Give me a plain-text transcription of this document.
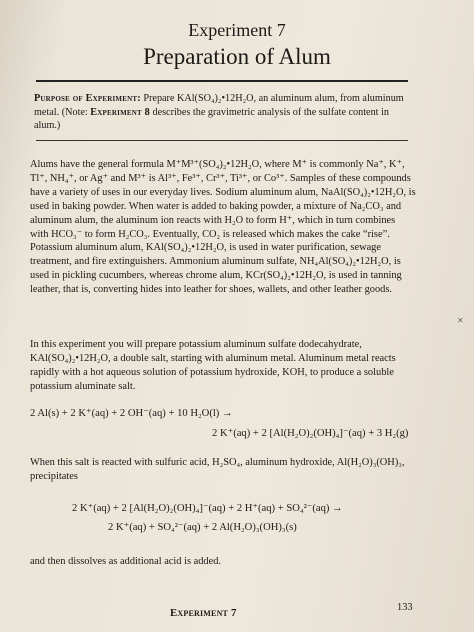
Experiment 7
Preparation of Alum
Purpose of Experiment: Prepare KAl(SO₄)₂•12H₂O, an aluminum alum, from aluminum metal. (Note: Experiment 8 describes the gravimetric analysis of the sulfate content in alum.)

Alums have the general formula M⁺M³⁺(SO₄)₂•12H₂O, where M⁺ is commonly Na⁺, K⁺, Tl⁺, NH₄⁺, or Ag⁺ and M³⁺ is Al³⁺, Fe³⁺, Cr³⁺, Ti³⁺, or Co³⁺. Samples of these compounds have a variety of uses in our everyday lives. Sodium aluminum alum, NaAl(SO₄)₂•12H₂O, is used in baking powder. When water is added to baking powder, a mixture of Na₂CO₃ and aluminum alum, the aluminum ion reacts with H₂O to form H⁺, which in turn combines with HCO₃⁻ to form H₂CO₃. Eventually, CO₂ is released which makes the cake “rise”. Potassium aluminum alum, KAl(SO₄)₂•12H₂O, is used in water purification, sewage treatment, and fire extinguishers. Ammonium aluminum sulfate, NH₄Al(SO₄)₂•12H₂O, is used in pickling cucumbers, whereas chrome alum, KCr(SO₄)₂•12H₂O, is used in tanning leather, that is, converting hides into leather for shoes, wallets, and other leather goods.

In this experiment you will prepare potassium aluminum sulfate dodecahydrate, KAl(SO₄)₂•12H₂O, a double salt, starting with aluminum metal. Aluminum metal reacts rapidly with a hot aqueous solution of potassium hydroxide, KOH, to produce a soluble potassium aluminate salt.

2 Al(s) + 2 K⁺(aq) + 2 OH⁻(aq) + 10 H₂O(l) →
2 K⁺(aq) + 2 [Al(H₂O)₂(OH)₄]⁻(aq) + 3 H₂(g)

When this salt is reacted with sulfuric acid, H₂SO₄, aluminum hydroxide, Al(H₂O)₃(OH)₃, precipitates

2 K⁺(aq) + 2 [Al(H₂O)₂(OH)₄]⁻(aq) + 2 H⁺(aq) + SO₄²⁻(aq) →
2 K⁺(aq) + SO₄²⁻(aq) + 2 Al(H₂O)₃(OH)₃(s)

and then dissolves as additional acid is added.

Experiment 7	133
✕
